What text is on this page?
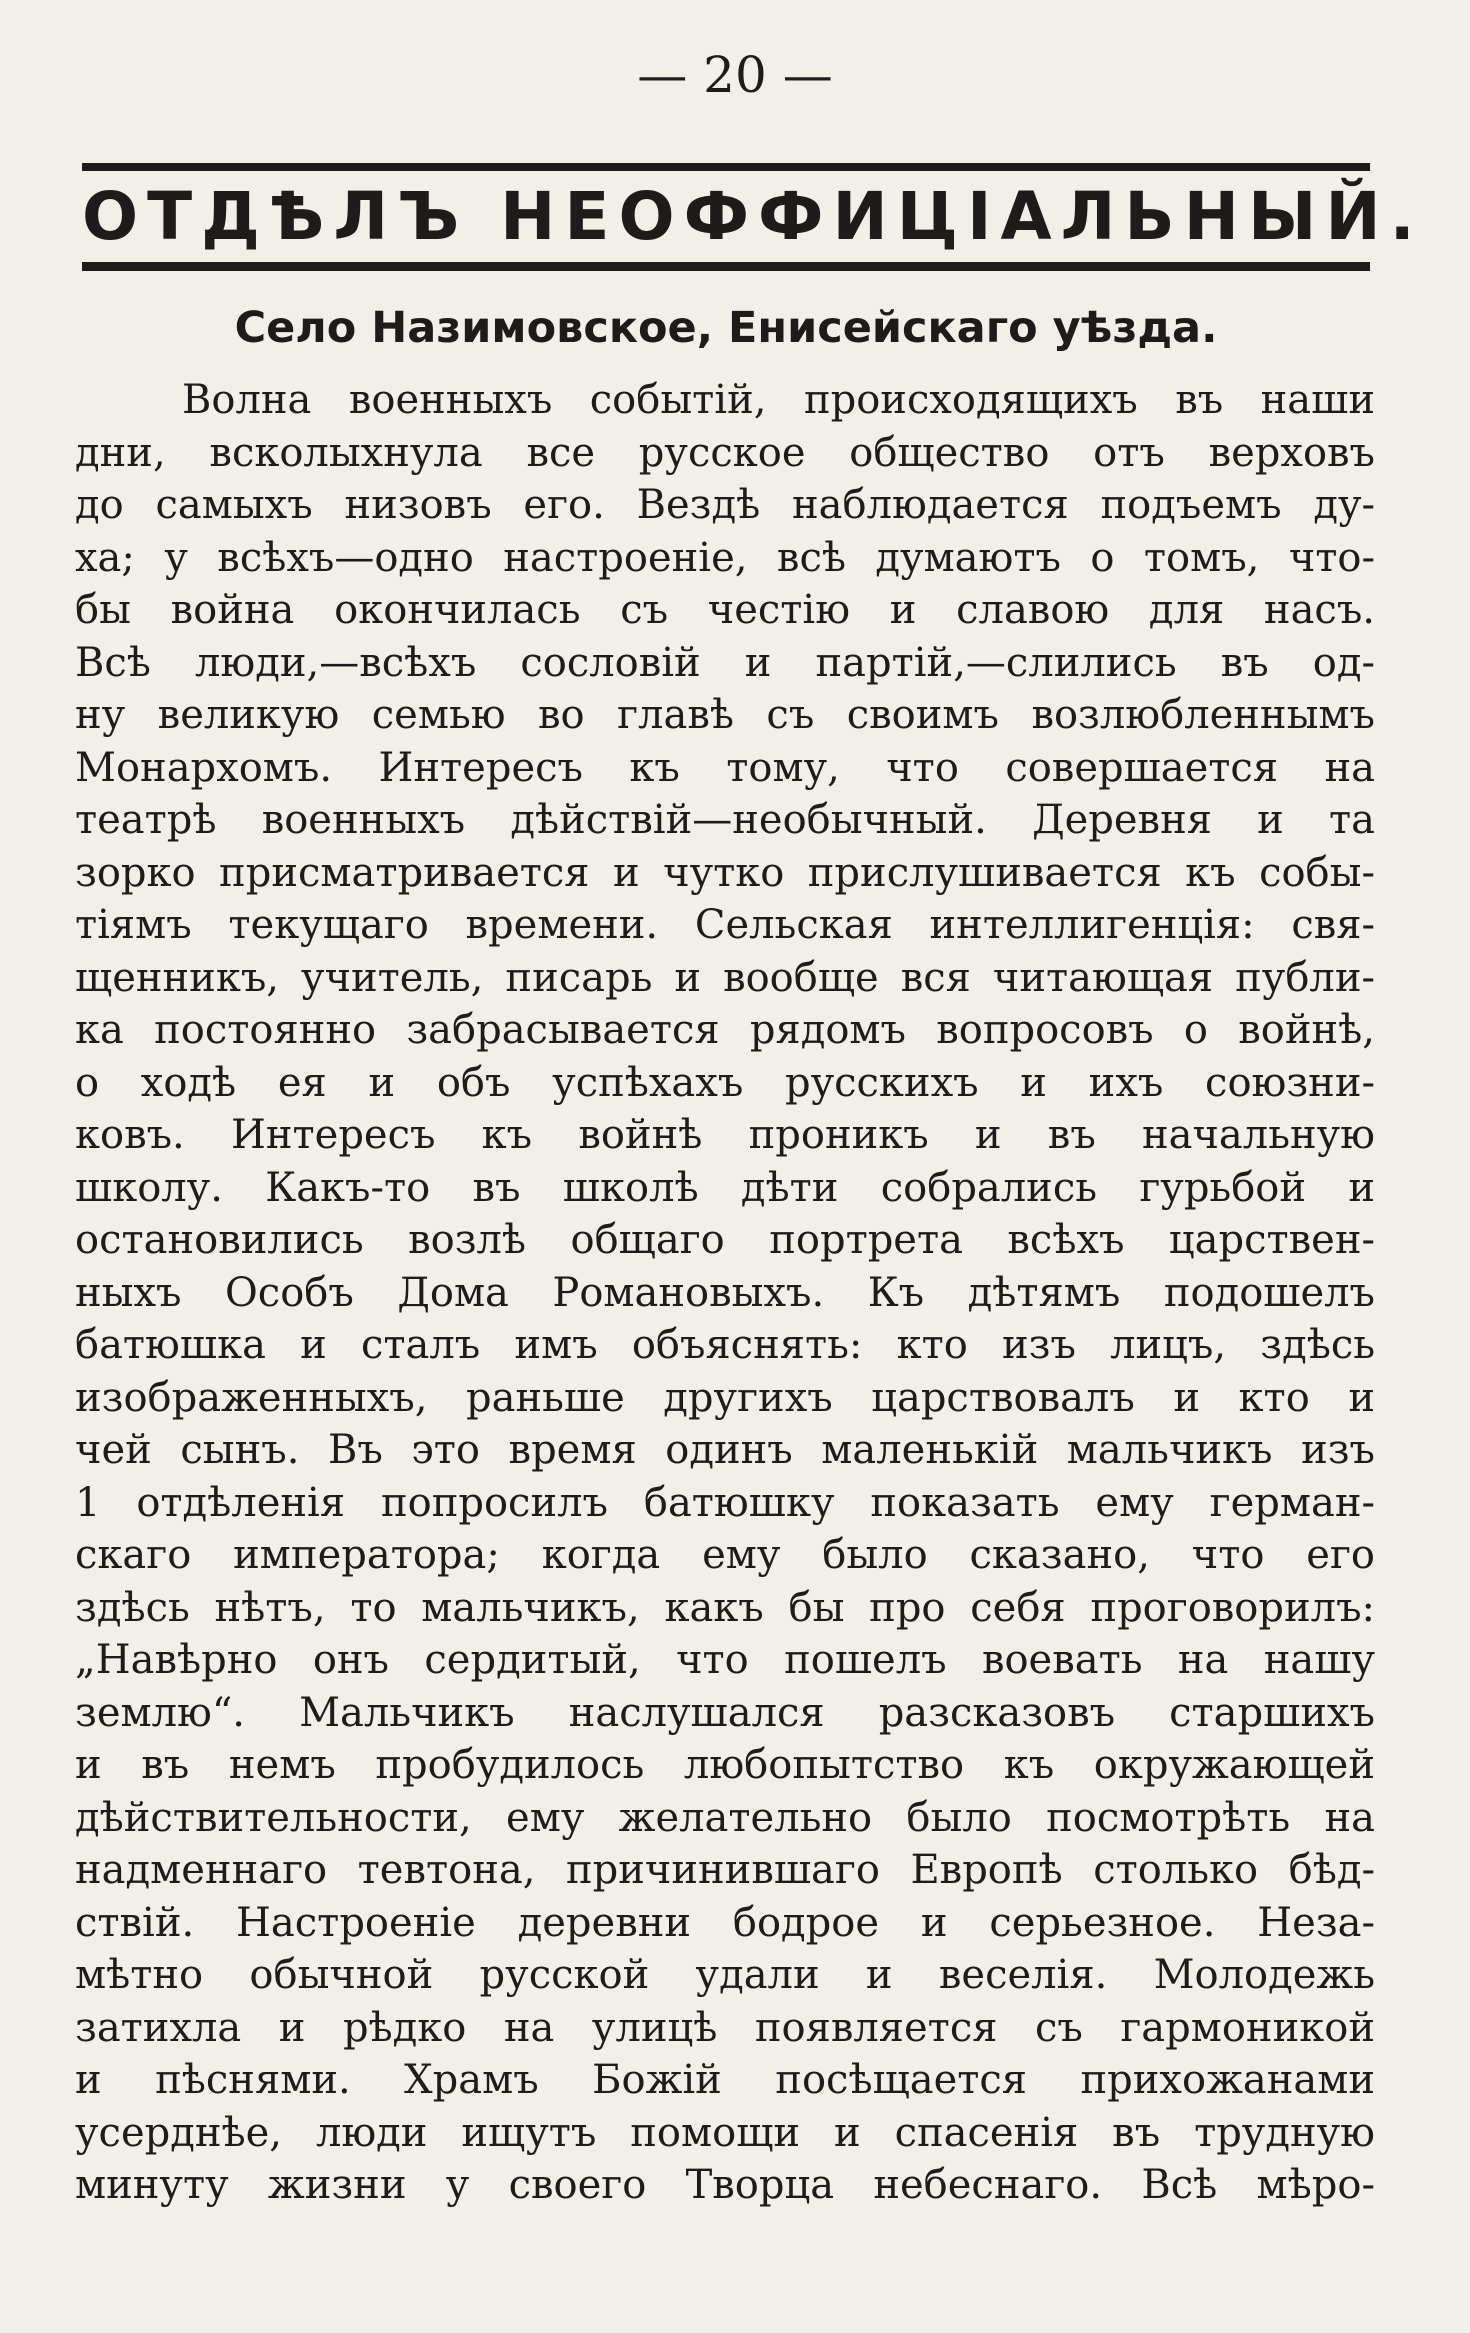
— 20 —
ОТДѢЛЪ НЕОФФИЦІАЛЬНЫЙ.
Село Назимовское, Енисейскаго уѣзда.
Волна военныхъ событій, происходящихъ въ наши
дни, всколыхнула все русское общество отъ верховъ
до самыхъ низовъ его. Вездѣ наблюдается подъемъ ду-
ха; у всѣхъ—одно настроеніе, всѣ думаютъ о томъ, что-
бы война окончилась съ честію и славою для насъ.
Всѣ люди,—всѣхъ сословій и партій,—слились въ од-
ну великую семью во главѣ съ своимъ возлюбленнымъ
Монархомъ. Интересъ къ тому, что совершается на
театрѣ военныхъ дѣйствій—необычный. Деревня и та
зорко присматривается и чутко прислушивается къ собы-
тіямъ текущаго времени. Сельская интеллигенція: свя-
щенникъ, учитель, писарь и вообще вся читающая публи-
ка постоянно забрасывается рядомъ вопросовъ о войнѣ,
о ходѣ ея и объ успѣхахъ русскихъ и ихъ союзни-
ковъ. Интересъ къ войнѣ проникъ и въ начальную
школу. Какъ-то въ школѣ дѣти собрались гурьбой и
остановились возлѣ общаго портрета всѣхъ царствен-
ныхъ Особъ Дома Романовыхъ. Къ дѣтямъ подошелъ
батюшка и сталъ имъ объяснять: кто изъ лицъ, здѣсь
изображенныхъ, раньше другихъ царствовалъ и кто и
чей сынъ. Въ это время одинъ маленькій мальчикъ изъ
1 отдѣленія попросилъ батюшку показать ему герман-
скаго императора; когда ему было сказано, что его
здѣсь нѣтъ, то мальчикъ, какъ бы про себя проговорилъ:
„Навѣрно онъ сердитый, что пошелъ воевать на нашу
землю“. Мальчикъ наслушался разсказовъ старшихъ
и въ немъ пробудилось любопытство къ окружающей
дѣйствительности, ему желательно было посмотрѣть на
надменнаго тевтона, причинившаго Европѣ столько бѣд-
ствій. Настроеніе деревни бодрое и серьезное. Неза-
мѣтно обычной русской удали и веселія. Молодежь
затихла и рѣдко на улицѣ появляется съ гармоникой
и пѣснями. Храмъ Божій посѣщается прихожанами
усерднѣе, люди ищутъ помощи и спасенія въ трудную
минуту жизни у своего Творца небеснаго. Всѣ мѣро-
